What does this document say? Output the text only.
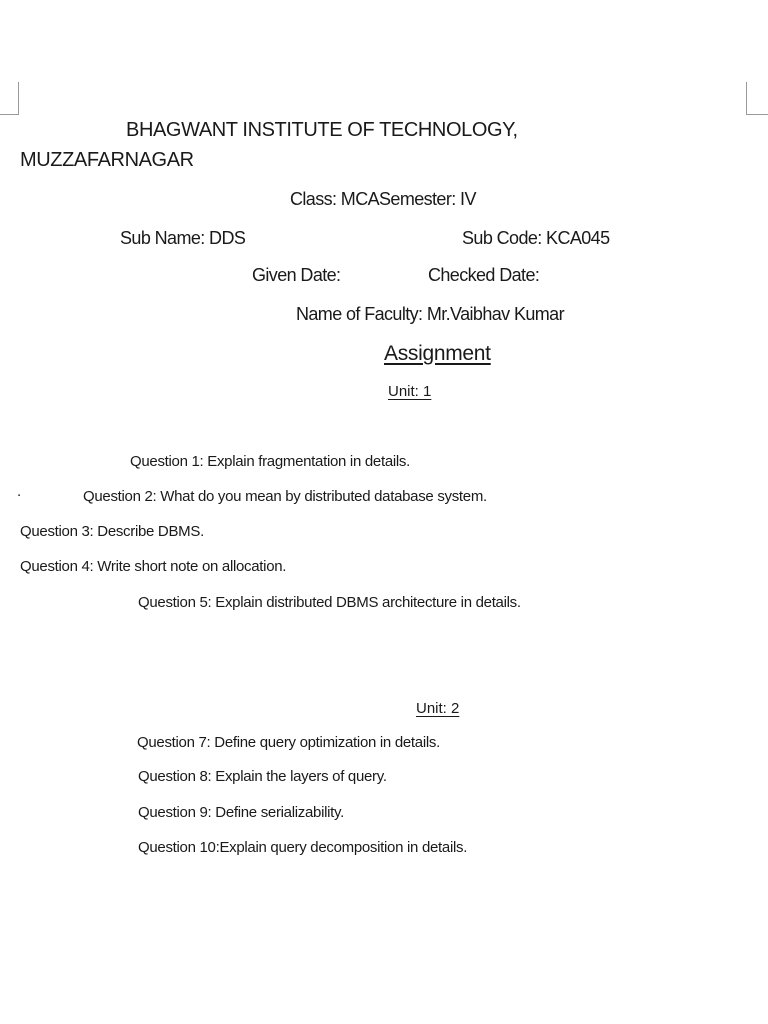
BHAGWANT INSTITUTE OF TECHNOLOGY,
MUZZAFARNAGAR
Class: MCASemester: IV
Sub Name: DDS	Sub Code: KCA045
Given Date:	Checked Date:
Name of Faculty: Mr.Vaibhav Kumar
Assignment
Unit: 1
Question 1: Explain fragmentation in details.
.	Question 2: What do you mean by distributed database system.
Question 3: Describe DBMS.
Question 4: Write short note on allocation.
Question 5: Explain distributed DBMS architecture in details.
Unit: 2
Question 7: Define query optimization in details.
Question 8: Explain the layers of query.
Question 9: Define serializability.
Question 10:Explain query decomposition in details.
